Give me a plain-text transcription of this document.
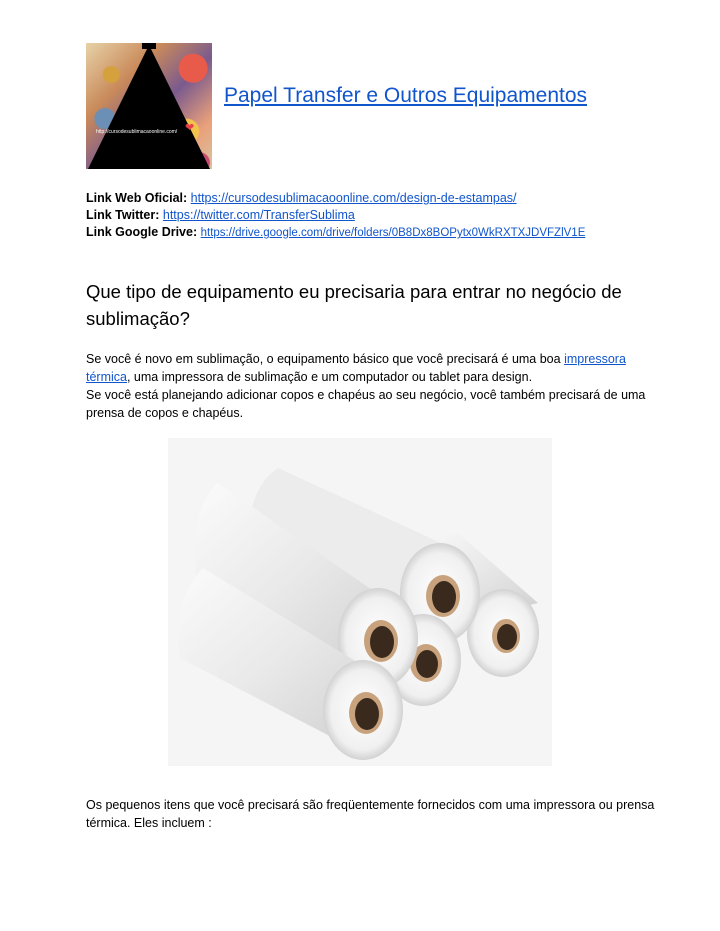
http://cursodesublimacaoonline.com/ ❤
Papel Transfer e Outros Equipamentos
Link Web Oficial: https://cursodesublimacaoonline.com/design-de-estampas/
Link Twitter: https://twitter.com/TransferSublima
Link Google Drive: https://drive.google.com/drive/folders/0B8Dx8BOPytx0WkRXTXJDVFZlV1E
Que tipo de equipamento eu precisaria para entrar no negócio de sublimação?

Se você é novo em sublimação, o equipamento básico que você precisará é uma boa impressora térmica, uma impressora de sublimação e um computador ou tablet para design.
Se você está planejando adicionar copos e chapéus ao seu negócio, você também precisará de uma prensa de copos e chapéus.

Os pequenos itens que você precisará são freqüentemente fornecidos com uma impressora ou prensa térmica. Eles incluem :
